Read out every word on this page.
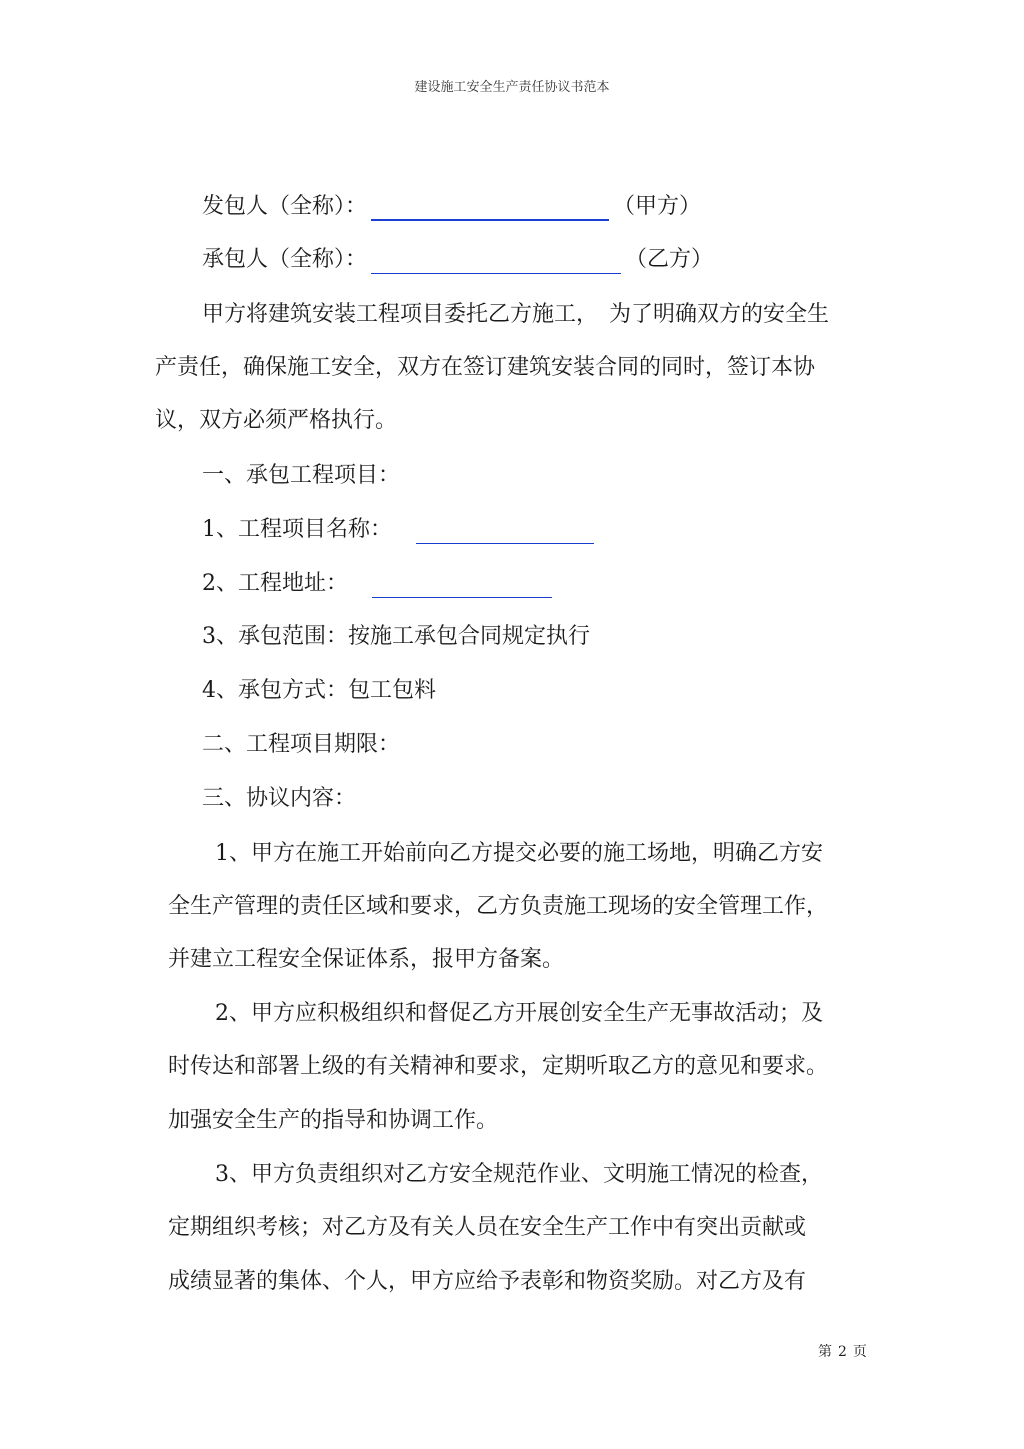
建设施工安全生产责任协议书范本
发包人（全称）：	（甲方）
承包人（全称）：	（乙方）
甲方将建筑安装工程项目委托乙方施工，　为了明确双方的安全生
产责任，确保施工安全，双方在签订建筑安装合同的同时，签订本协
议，双方必须严格执行。
一、承包工程项目：
1、工程项目名称：
2、工程地址：
3、承包范围：按施工承包合同规定执行
4、承包方式：包工包料
二、工程项目期限：
三、协议内容：
1、甲方在施工开始前向乙方提交必要的施工场地，明确乙方安
全生产管理的责任区域和要求，乙方负责施工现场的安全管理工作，
并建立工程安全保证体系，报甲方备案。
2、甲方应积极组织和督促乙方开展创安全生产无事故活动；及
时传达和部署上级的有关精神和要求，定期听取乙方的意见和要求。
加强安全生产的指导和协调工作。
3、甲方负责组织对乙方安全规范作业、文明施工情况的检查，
定期组织考核；对乙方及有关人员在安全生产工作中有突出贡献或
成绩显著的集体、个人，甲方应给予表彰和物资奖励。对乙方及有
第 2 页
